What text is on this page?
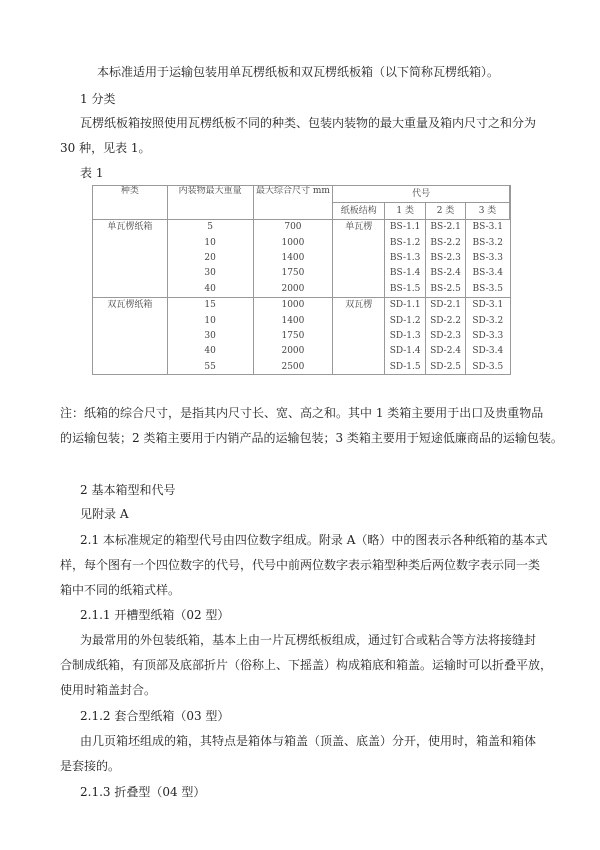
本标准适用于运输包装用单瓦楞纸板和双瓦楞纸板箱（以下简称瓦楞纸箱）。
1 分类
瓦楞纸板箱按照使用瓦楞纸板不同的种类、包装内装物的最大重量及箱内尺寸之和分为
30 种，见表 1。
表 1
种类	内装物最大重量	最大综合尺寸 mm	代号			
			纸板结构	1 类	2 类	3 类
单瓦楞纸箱	5	700	单瓦楞	BS-1.1	BS-2.1	BS-3.1
	10	1000		BS-1.2	BS-2.2	BS-3.2
	20	1400		BS-1.3	BS-2.3	BS-3.3
	30	1750		BS-1.4	BS-2.4	BS-3.4
	40	2000		BS-1.5	BS-2.5	BS-3.5
双瓦楞纸箱	15	1000	双瓦楞	SD-1.1	SD-2.1	SD-3.1
	10	1400		SD-1.2	SD-2.2	SD-3.2
	30	1750		SD-1.3	SD-2.3	SD-3.3
	40	2000		SD-1.4	SD-2.4	SD-3.4
	55	2500		SD-1.5	SD-2.5	SD-3.5
注：纸箱的综合尺寸，是指其内尺寸长、宽、高之和。其中 1 类箱主要用于出口及贵重物品
的运输包装；2 类箱主要用于内销产品的运输包装；3 类箱主要用于短途低廉商品的运输包装。
2 基本箱型和代号
见附录 A
2.1 本标准规定的箱型代号由四位数字组成。附录 A（略）中的图表示各种纸箱的基本式
样，每个图有一个四位数字的代号，代号中前两位数字表示箱型种类后两位数字表示同一类
箱中不同的纸箱式样。
2.1.1 开槽型纸箱（02 型）
为最常用的外包装纸箱，基本上由一片瓦楞纸板组成，通过钉合或粘合等方法将接缝封
合制成纸箱，有顶部及底部折片（俗称上、下摇盖）构成箱底和箱盖。运输时可以折叠平放，
使用时箱盖封合。
2.1.2 套合型纸箱（03 型）
由几页箱坯组成的箱，其特点是箱体与箱盖（顶盖、底盖）分开，使用时，箱盖和箱体
是套接的。
2.1.3 折叠型（04 型）
